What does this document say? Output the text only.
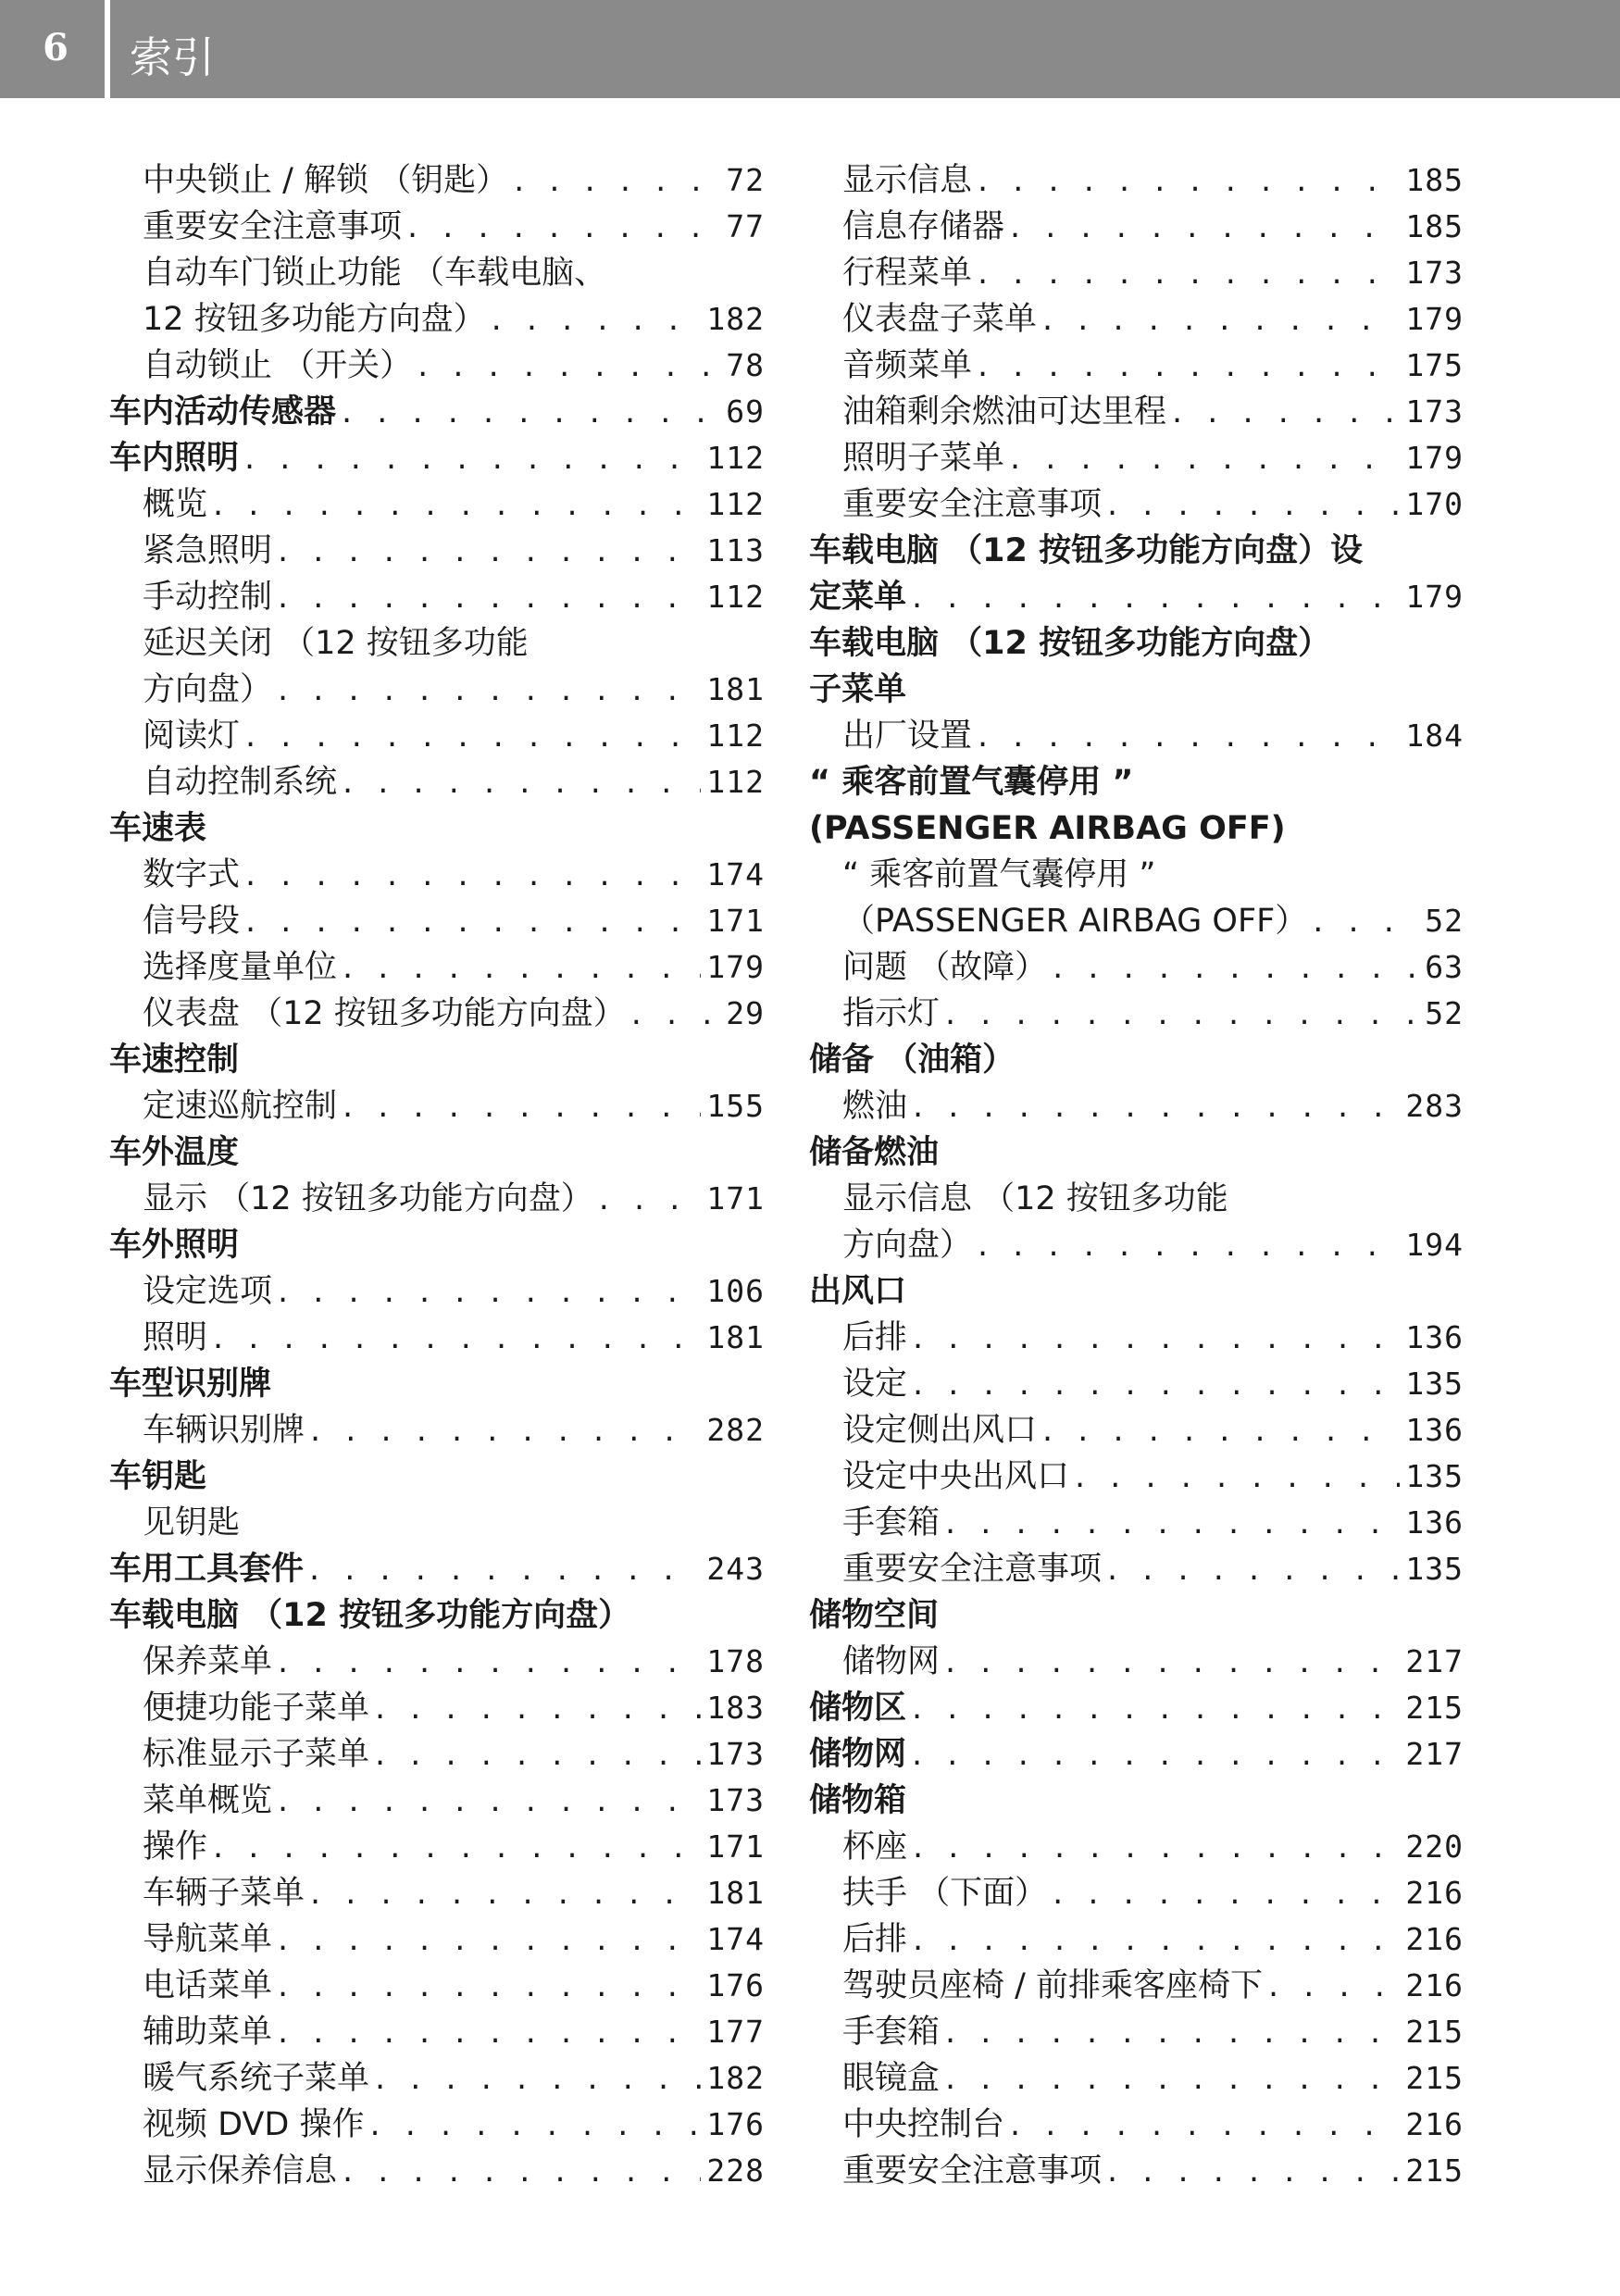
6 索引
中央锁止 / 解锁 （钥匙） . . .	72
重要安全注意事项 . . .	77
自动车门锁止功能 （车载电脑、
12 按钮多功能方向盘） . . .	182
自动锁止 （开关） . . .	78
车内活动传感器 . . .	69
车内照明 . . .	112
概览 . . .	112
紧急照明 . . .	113
手动控制 . . .	112
延迟关闭 （12 按钮多功能
方向盘） . . .	181
阅读灯 . . .	112
自动控制系统 . . .	112
车速表
数字式 . . .	174
信号段 . . .	171
选择度量单位 . . .	179
仪表盘 （12 按钮多功能方向盘） . . .	29
车速控制
定速巡航控制 . . .	155
车外温度
显示 （12 按钮多功能方向盘） . . .	171
车外照明
设定选项 . . .	106
照明 . . .	181
车型识别牌
车辆识别牌 . . .	282
车钥匙
见钥匙
车用工具套件 . . .	243
车载电脑 （12 按钮多功能方向盘）
保养菜单 . . .	178
便捷功能子菜单 . . .	183
标准显示子菜单 . . .	173
菜单概览 . . .	173
操作 . . .	171
车辆子菜单 . . .	181
导航菜单 . . .	174
电话菜单 . . .	176
辅助菜单 . . .	177
暖气系统子菜单 . . .	182
视频 DVD 操作 . . .	176
显示保养信息 . . .	228
显示信息 . . .	185
信息存储器 . . .	185
行程菜单 . . .	173
仪表盘子菜单 . . .	179
音频菜单 . . .	175
油箱剩余燃油可达里程 . . .	173
照明子菜单 . . .	179
重要安全注意事项 . . .	170
车载电脑 （12 按钮多功能方向盘）设
定菜单 . . .	179
车载电脑 （12 按钮多功能方向盘）
子菜单
出厂设置 . . .	184
“ 乘客前置气囊停用 ”
(PASSENGER AIRBAG OFF)
“ 乘客前置气囊停用 ”
（PASSENGER AIRBAG OFF） . . .	52
问题 （故障） . . .	63
指示灯 . . .	52
储备 （油箱）
燃油 . . .	283
储备燃油
显示信息 （12 按钮多功能
方向盘） . . .	194
出风口
后排 . . .	136
设定 . . .	135
设定侧出风口 . . .	136
设定中央出风口 . . .	135
手套箱 . . .	136
重要安全注意事项 . . .	135
储物空间
储物网 . . .	217
储物区 . . .	215
储物网 . . .	217
储物箱
杯座 . . .	220
扶手 （下面） . . .	216
后排 . . .	216
驾驶员座椅 / 前排乘客座椅下 . . .	216
手套箱 . . .	215
眼镜盒 . . .	215
中央控制台 . . .	216
重要安全注意事项 . . .	215
